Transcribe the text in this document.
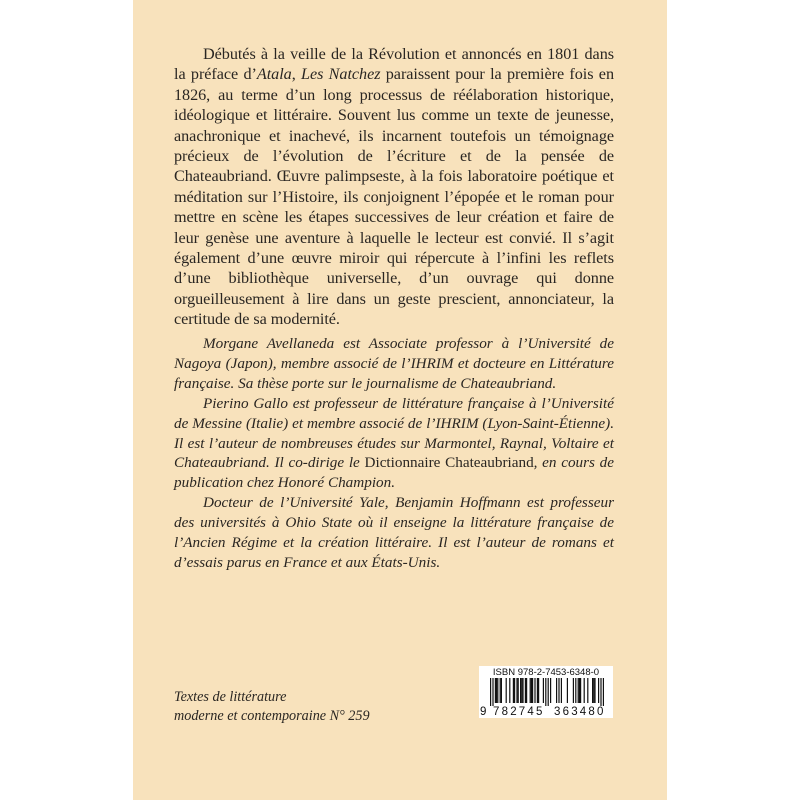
Débutés à la veille de la Révolution et annoncés en 1801 dans la préface d’Atala, Les Natchez paraissent pour la première fois en 1826, au terme d’un long processus de réélaboration historique, idéologique et littéraire. Souvent lus comme un texte de jeunesse, anachronique et inachevé, ils incarnent toutefois un témoignage précieux de l’évolution de l’écriture et de la pensée de Chateaubriand. Œuvre palimpseste, à la fois laboratoire poétique et méditation sur l’Histoire, ils conjoignent l’épopée et le roman pour mettre en scène les étapes successives de leur création et faire de leur genèse une aventure à laquelle le lecteur est convié. Il s’agit également d’une œuvre miroir qui répercute à l’infini les reflets d’une bibliothèque universelle, d’un ouvrage qui donne orgueilleusement à lire dans un geste prescient, annonciateur, la certitude de sa modernité.

Morgane Avellaneda est Associate professor à l’Université de Nagoya (Japon), membre associé de l’IHRIM et docteure en Littérature française. Sa thèse porte sur le journalisme de Chateaubriand.

Pierino Gallo est professeur de littérature française à l’Université de Messine (Italie) et membre associé de l’IHRIM (Lyon-Saint-Étienne). Il est l’auteur de nombreuses études sur Marmontel, Raynal, Voltaire et Chateaubriand. Il co-dirige le Dictionnaire Chateaubriand, en cours de publication chez Honoré Champion.

Docteur de l’Université Yale, Benjamin Hoffmann est professeur des universités à Ohio State où il enseigne la littérature française de l’Ancien Régime et la création littéraire. Il est l’auteur de romans et d’essais parus en France et aux États-Unis.

Textes de littérature
moderne et contemporaine N° 259
ISBN 978-2-7453-6348-0
9 782745 363480
